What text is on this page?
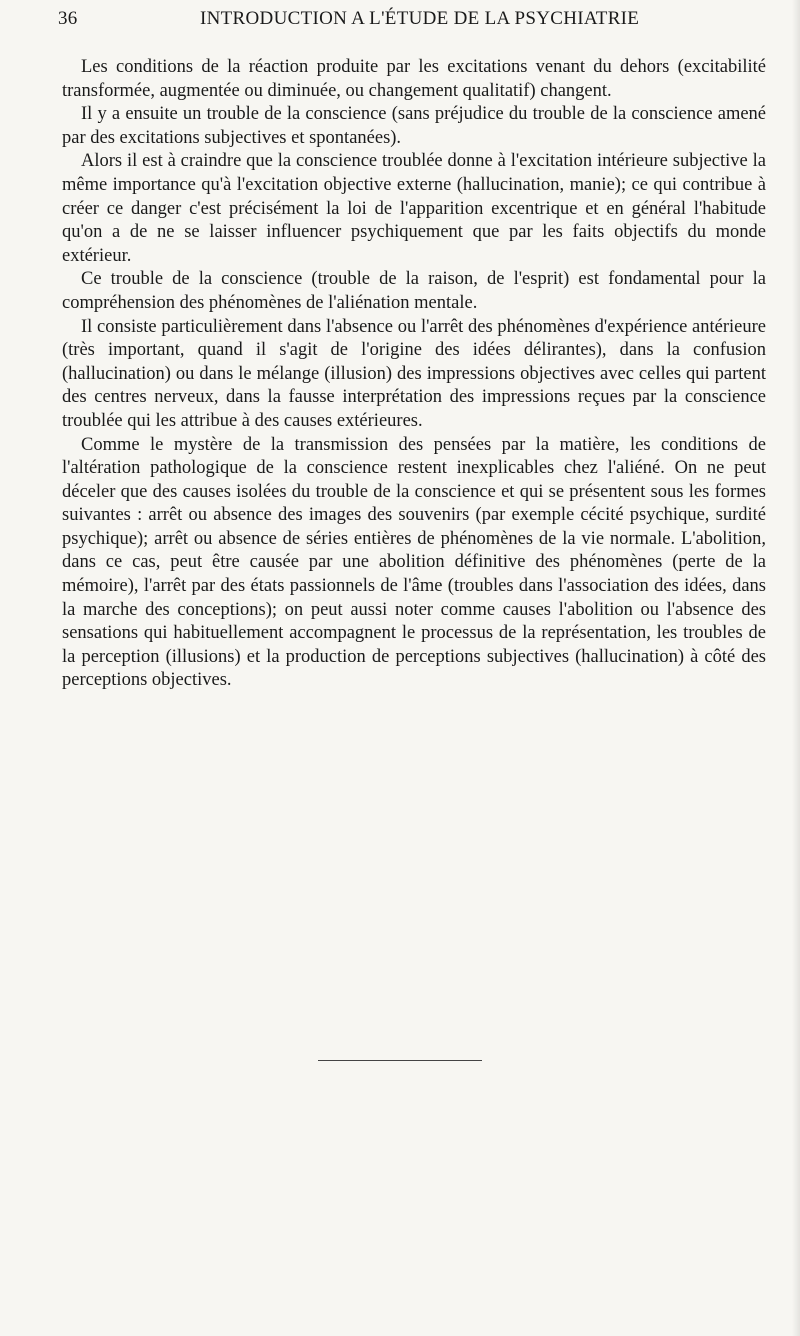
36	INTRODUCTION A L'ÉTUDE DE LA PSYCHIATRIE

Les conditions de la réaction produite par les excitations venant du dehors (excitabilité transformée, augmentée ou diminuée, ou changement qualitatif) changent.

Il y a ensuite un trouble de la conscience (sans préjudice du trouble de la conscience amené par des excitations subjectives et spontanées).

Alors il est à craindre que la conscience troublée donne à l'excitation intérieure subjective la même importance qu'à l'excitation objective externe (hallucination, manie); ce qui contribue à créer ce danger c'est précisément la loi de l'apparition excentrique et en général l'habitude qu'on a de ne se laisser influencer psychiquement que par les faits objectifs du monde extérieur.

Ce trouble de la conscience (trouble de la raison, de l'esprit) est fondamental pour la compréhension des phénomènes de l'aliénation mentale.

Il consiste particulièrement dans l'absence ou l'arrêt des phénomènes d'expérience antérieure (très important, quand il s'agit de l'origine des idées délirantes), dans la confusion (hallucination) ou dans le mélange (illusion) des impressions objectives avec celles qui partent des centres nerveux, dans la fausse interprétation des impressions reçues par la conscience troublée qui les attribue à des causes extérieures.

Comme le mystère de la transmission des pensées par la matière, les conditions de l'altération pathologique de la conscience restent inexplicables chez l'aliéné. On ne peut déceler que des causes isolées du trouble de la conscience et qui se présentent sous les formes suivantes : arrêt ou absence des images des souvenirs (par exemple cécité psychique, surdité psychique); arrêt ou absence de séries entières de phénomènes de la vie normale. L'abolition, dans ce cas, peut être causée par une abolition définitive des phénomènes (perte de la mémoire), l'arrêt par des états passionnels de l'âme (troubles dans l'association des idées, dans la marche des conceptions); on peut aussi noter comme causes l'abolition ou l'absence des sensations qui habituellement accompagnent le processus de la représentation, les troubles de la perception (illusions) et la production de perceptions subjectives (hallucination) à côté des perceptions objectives.
